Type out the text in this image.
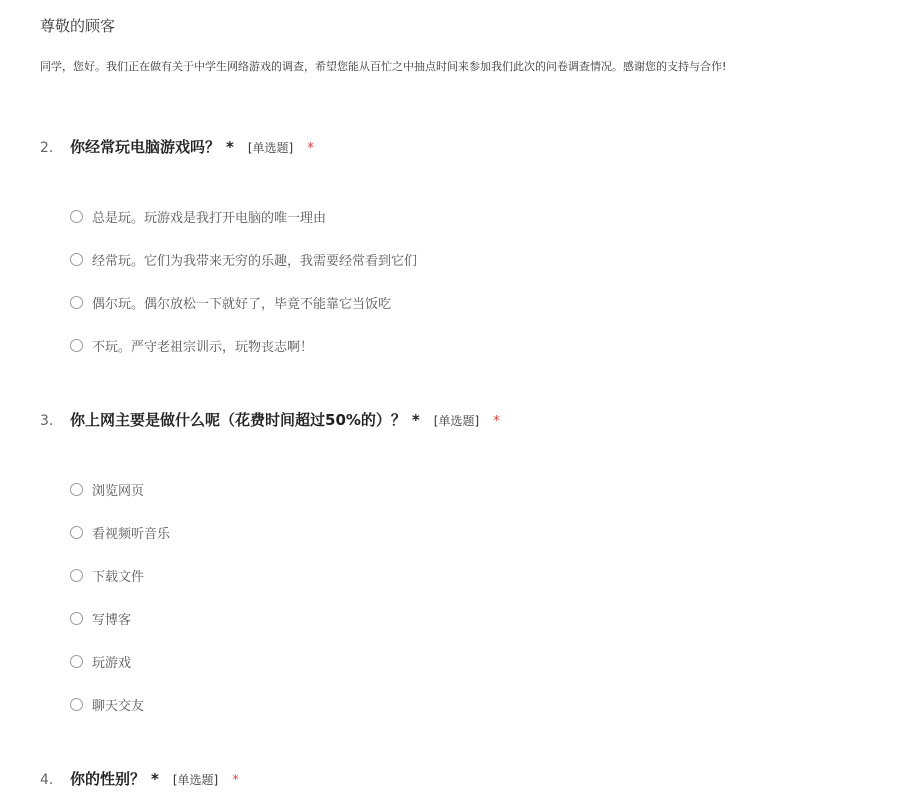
尊敬的顾客
同学，您好。我们正在做有关于中学生网络游戏的调查，希望您能从百忙之中抽点时间来参加我们此次的问卷调查情况。感谢您的支持与合作!
2.	你经常玩电脑游戏吗？ * [单选题] *
总是玩。玩游戏是我打开电脑的唯一理由
经常玩。它们为我带来无穷的乐趣，我需要经常看到它们
偶尔玩。偶尔放松一下就好了，毕竟不能靠它当饭吃
不玩。严守老祖宗训示，玩物丧志啊！
3.	你上网主要是做什么呢（花费时间超过50%的）？ * [单选题] *
浏览网页
看视频听音乐
下载文件
写博客
玩游戏
聊天交友
4.	你的性别？ * [单选题] *
